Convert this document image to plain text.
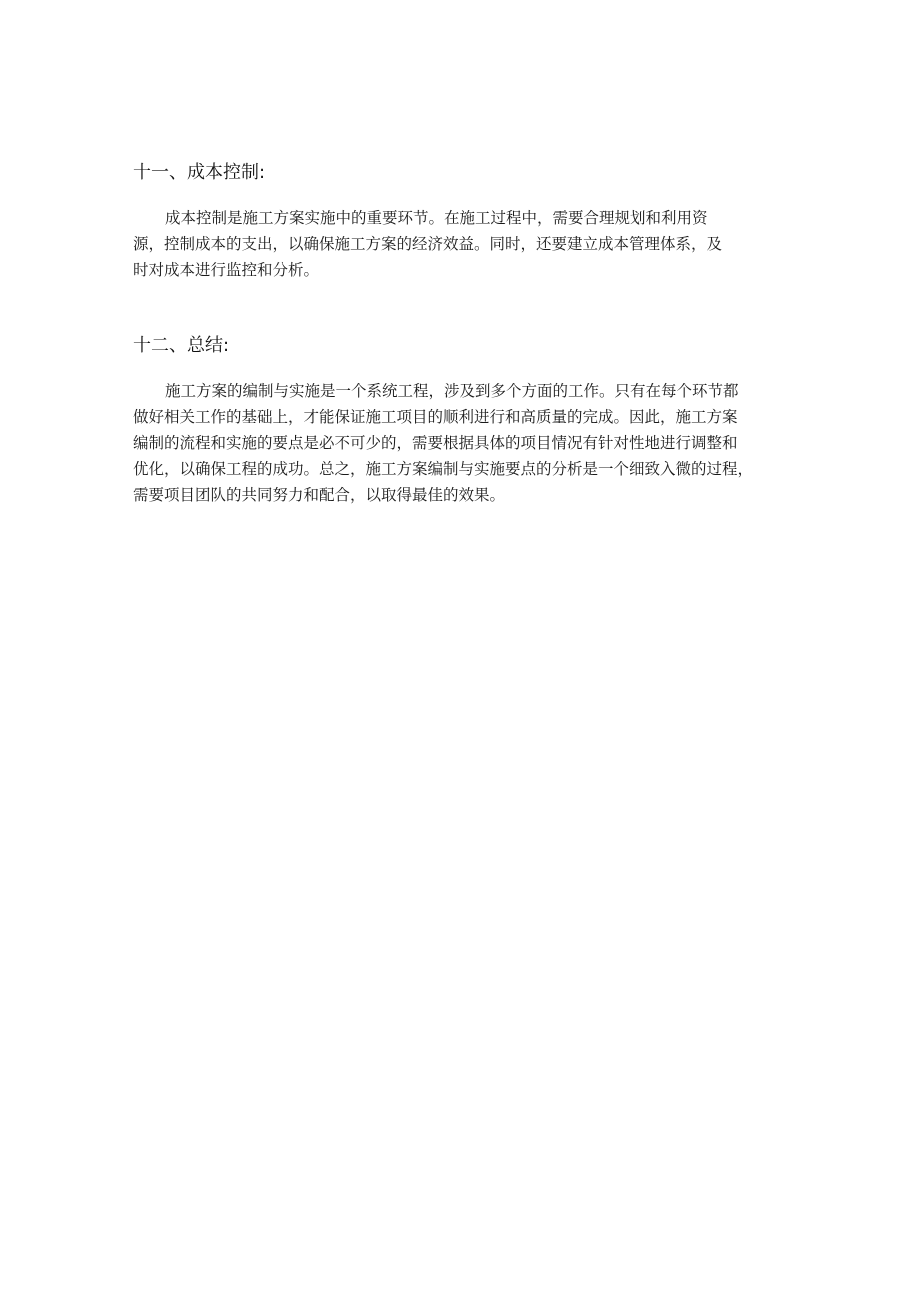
十一、成本控制:
成本控制是施工方案实施中的重要环节。在施工过程中，需要合理规划和利用资
源，控制成本的支出，以确保施工方案的经济效益。同时，还要建立成本管理体系，及
时对成本进行监控和分析。
十二、总结:
施工方案的编制与实施是一个系统工程，涉及到多个方面的工作。只有在每个环节都
做好相关工作的基础上，才能保证施工项目的顺利进行和高质量的完成。因此，施工方案
编制的流程和实施的要点是必不可少的，需要根据具体的项目情况有针对性地进行调整和
优化，以确保工程的成功。总之，施工方案编制与实施要点的分析是一个细致入微的过程，
需要项目团队的共同努力和配合，以取得最佳的效果。
